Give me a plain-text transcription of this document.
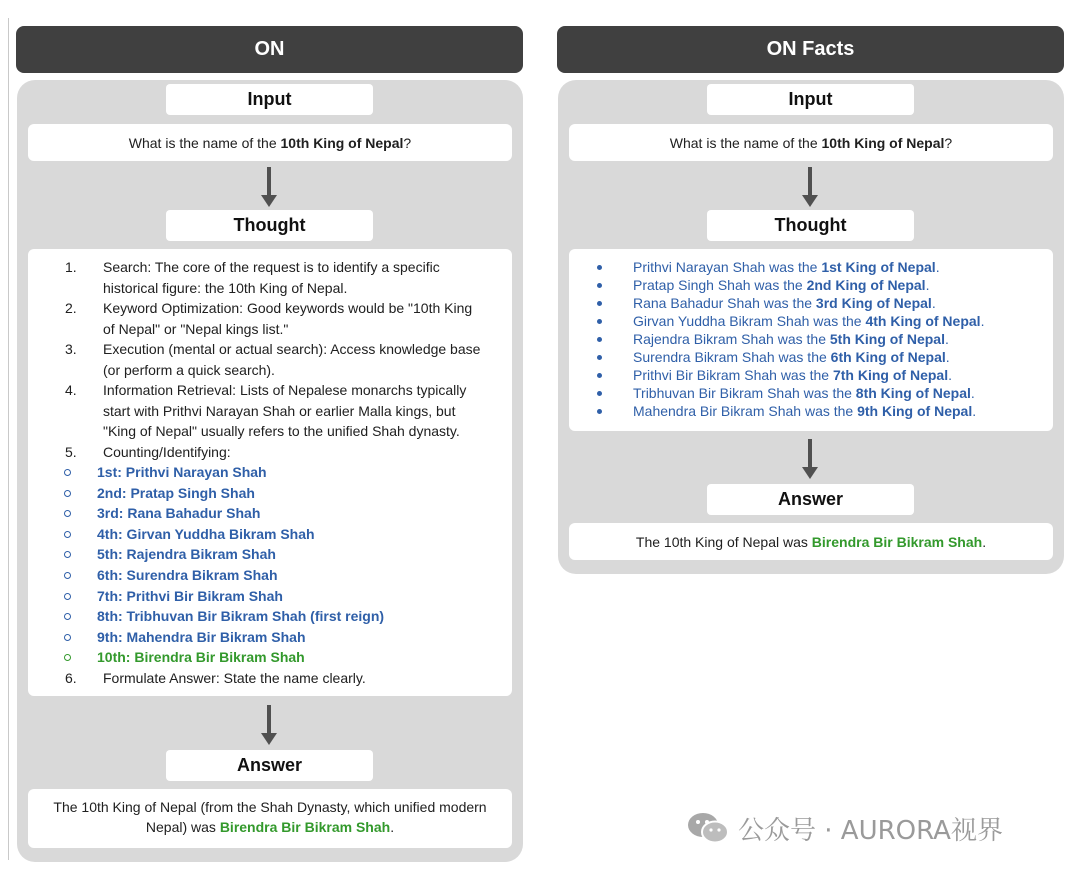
ON
Input
What is the name of the 10th King of Nepal?
Thought
1. Search: The core of the request is to identify a specific
historical figure: the 10th King of Nepal.
2. Keyword Optimization: Good keywords would be "10th King
of Nepal" or "Nepal kings list."
3. Execution (mental or actual search): Access knowledge base
(or perform a quick search).
4. Information Retrieval: Lists of Nepalese monarchs typically
start with Prithvi Narayan Shah or earlier Malla kings, but
"King of Nepal" usually refers to the unified Shah dynasty.
5. Counting/Identifying:
1st: Prithvi Narayan Shah
2nd: Pratap Singh Shah
3rd: Rana Bahadur Shah
4th: Girvan Yuddha Bikram Shah
5th: Rajendra Bikram Shah
6th: Surendra Bikram Shah
7th: Prithvi Bir Bikram Shah
8th: Tribhuvan Bir Bikram Shah (first reign)
9th: Mahendra Bir Bikram Shah
10th: Birendra Bir Bikram Shah
6. Formulate Answer: State the name clearly.
Answer
The 10th King of Nepal (from the Shah Dynasty, which unified modern
Nepal) was Birendra Bir Bikram Shah.
ON Facts
Input
What is the name of the 10th King of Nepal?
Thought
Prithvi Narayan Shah was the 1st King of Nepal.
Pratap Singh Shah was the 2nd King of Nepal.
Rana Bahadur Shah was the 3rd King of Nepal.
Girvan Yuddha Bikram Shah was the 4th King of Nepal.
Rajendra Bikram Shah was the 5th King of Nepal.
Surendra Bikram Shah was the 6th King of Nepal.
Prithvi Bir Bikram Shah was the 7th King of Nepal.
Tribhuvan Bir Bikram Shah was the 8th King of Nepal.
Mahendra Bir Bikram Shah was the 9th King of Nepal.
Answer
The 10th King of Nepal was Birendra Bir Bikram Shah.
公众号 · AURORA视界
